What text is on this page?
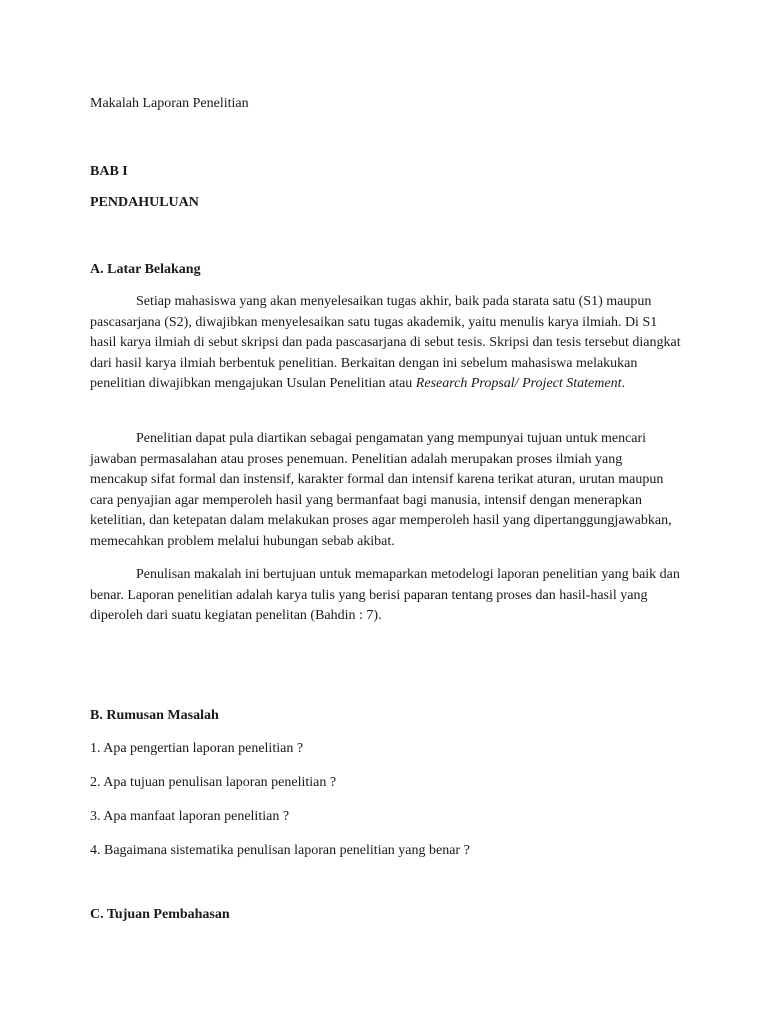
Makalah Laporan Penelitian

BAB I

PENDAHULUAN

A. Latar Belakang

Setiap mahasiswa yang akan menyelesaikan tugas akhir, baik pada starata satu (S1) maupun pascasarjana (S2), diwajibkan menyelesaikan satu tugas akademik, yaitu menulis karya ilmiah. Di S1 hasil karya ilmiah di sebut skripsi dan pada pascasarjana di sebut tesis. Skripsi dan tesis tersebut diangkat dari hasil karya ilmiah berbentuk penelitian. Berkaitan dengan ini sebelum mahasiswa melakukan penelitian diwajibkan mengajukan Usulan Penelitian atau Research Propsal/ Project Statement.

Penelitian dapat pula diartikan sebagai pengamatan yang mempunyai tujuan untuk mencari jawaban permasalahan atau proses penemuan. Penelitian adalah merupakan proses ilmiah yang mencakup sifat formal dan instensif, karakter formal dan intensif karena terikat aturan, urutan maupun cara penyajian agar memperoleh hasil yang bermanfaat bagi manusia, intensif dengan menerapkan ketelitian, dan ketepatan dalam melakukan proses agar memperoleh hasil yang dipertanggungjawabkan, memecahkan problem melalui hubungan sebab akibat.

Penulisan makalah ini bertujuan untuk memaparkan metodelogi laporan penelitian yang baik dan benar. Laporan penelitian adalah karya tulis yang berisi paparan tentang proses dan hasil-hasil yang diperoleh dari suatu kegiatan penelitan (Bahdin : 7).

B. Rumusan Masalah

1. Apa pengertian laporan penelitian ?
2. Apa tujuan penulisan laporan penelitian ?
3. Apa manfaat laporan penelitian ?
4. Bagaimana sistematika penulisan laporan penelitian yang benar ?

C. Tujuan Pembahasan
